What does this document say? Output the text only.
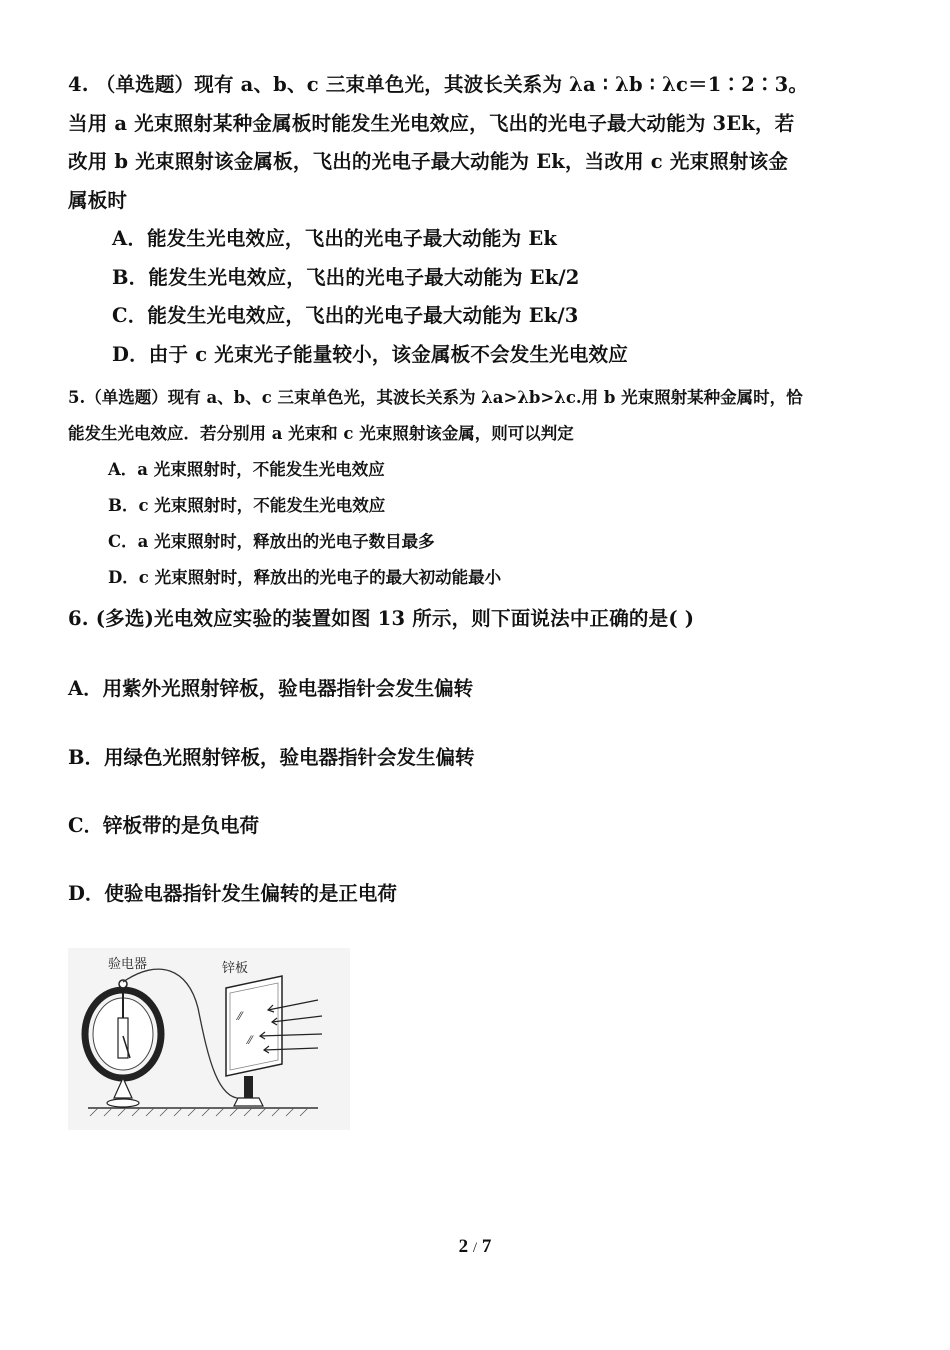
4. （单选题）现有 a、b、c 三束单色光，其波长关系为 λa ∶ λb ∶ λc＝1∶2∶3。
当用 a 光束照射某种金属板时能发生光电效应，飞出的光电子最大动能为 3Ek，若
改用 b 光束照射该金属板，飞出的光电子最大动能为 Ek，当改用 c 光束照射该金
属板时
A．能发生光电效应，飞出的光电子最大动能为 Ek
B．能发生光电效应，飞出的光电子最大动能为 Ek/2
C．能发生光电效应，飞出的光电子最大动能为 Ek/3
D．由于 c 光束光子能量较小，该金属板不会发生光电效应
5.（单选题）现有 a、b、c 三束单色光，其波长关系为 λa>λb>λc.用 b 光束照射某种金属时，恰
能发生光电效应．若分别用 a 光束和 c 光束照射该金属，则可以判定
A．a 光束照射时，不能发生光电效应
B．c 光束照射时，不能发生光电效应
C．a 光束照射时，释放出的光电子数目最多
D．c 光束照射时，释放出的光电子的最大初动能最小
6. (多选)光电效应实验的装置如图 13 所示，则下面说法中正确的是( )
A．用紫外光照射锌板，验电器指针会发生偏转
B．用绿色光照射锌板，验电器指针会发生偏转
C．锌板带的是负电荷
D．使验电器指针发生偏转的是正电荷
验电器	锌板
⁄⁄
⁄⁄
2 / 7
